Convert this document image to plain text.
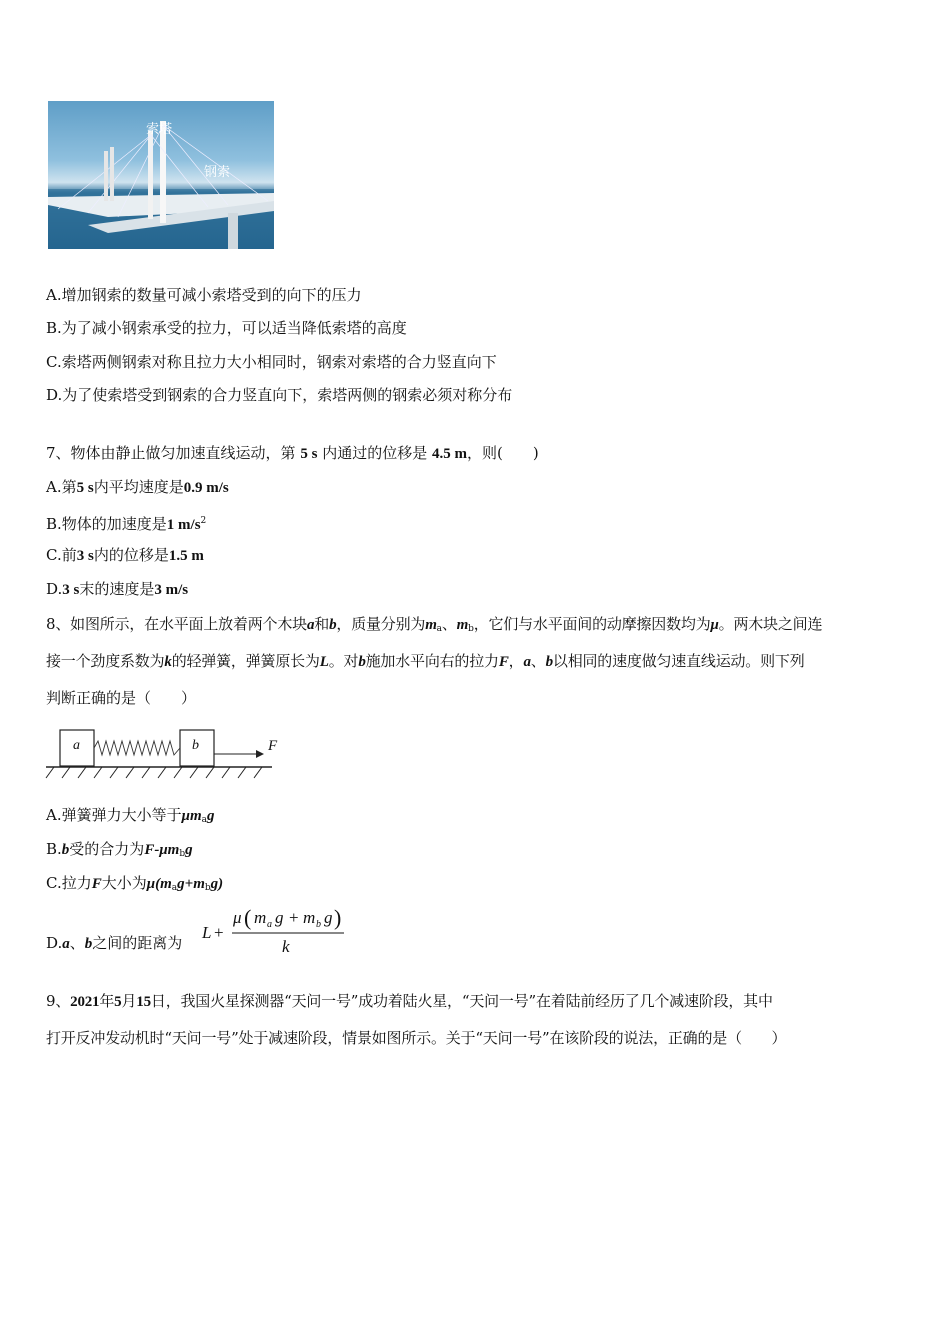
索塔
钢索
A.增加钢索的数量可减小索塔受到的向下的压力
B.为了减小钢索承受的拉力，可以适当降低索塔的高度
C.索塔两侧钢索对称且拉力大小相同时，钢索对索塔的合力竖直向下
D.为了使索塔受到钢索的合力竖直向下，索塔两侧的钢索必须对称分布
7、物体由静止做匀加速直线运动，第 5 s 内通过的位移是 4.5 m，则(　　)
A.第5 s内平均速度是0.9 m/s
B.物体的加速度是1 $m/s^2$
C.前3 s内的位移是1.5 m
D.3 s末的速度是3 m/s
8、如图所示，在水平面上放着两个木块a和b，质量分别为$m_a$、$m_b$，它们与水平面间的动摩擦因数均为μ。两木块之间连
接一个劲度系数为k的轻弹簧，弹簧原长为L。对b施加水平向右的拉力F，a、b以相同的速度做匀速直线运动。则下列
判断正确的是（　　）
a	b	F
A.弹簧弹力大小等于$\mu m_ag$
B.b受的合力为$F-\mu m_bg$
C.拉力F大小为$\mu(m_ag+m_bg)$
D.a、b之间的距离为
L +
μ ( m a g + m b g )
k
9、2021年5月15日，我国火星探测器“天问一号”成功着陆火星，“天问一号”在着陆前经历了几个减速阶段，其中
打开反冲发动机时“天问一号”处于减速阶段，情景如图所示。关于“天问一号”在该阶段的说法，正确的是（　　）
